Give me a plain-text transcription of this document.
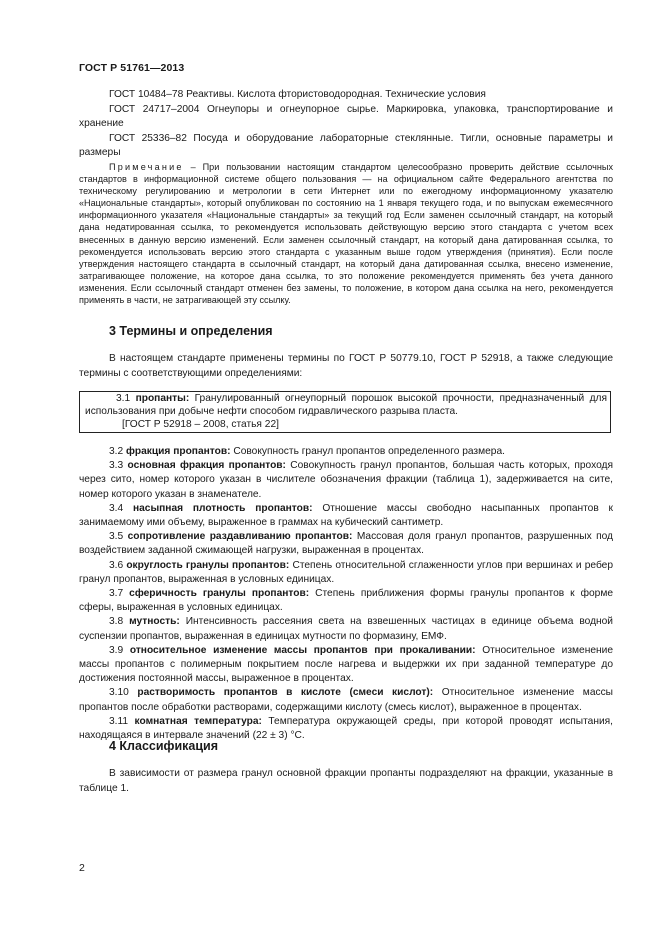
ГОСТ Р 51761—2013

ГОСТ 10484–78 Реактивы. Кислота фтористоводородная. Технические условия

ГОСТ 24717–2004 Огнеупоры и огнеупорное сырье. Маркировка, упаковка, транспортирование и хранение

ГОСТ 25336–82 Посуда и оборудование лабораторные стеклянные. Тигли, основные параметры и размеры

Примечание – При пользовании настоящим стандартом целесообразно проверить действие ссылочных стандартов в информационной системе общего пользования — на официальном сайте Федерального агентства по техническому регулированию и метрологии в сети Интернет или по ежегодному информационному указателю «Национальные стандарты», который опубликован по состоянию на 1 января текущего года, и по выпускам ежемесячного информационного указателя «Национальные стандарты» за текущий год Если заменен ссылочный стандарт, на который дана недатированная ссылка, то рекомендуется использовать действующую версию этого стандарта с учетом всех внесенных в данную версию изменений. Если заменен ссылочный стандарт, на который дана датированная ссылка, то рекомендуется использовать версию этого стандарта с указанным выше годом утверждения (принятия). Если после утверждения настоящего стандарта в ссылочный стандарт, на который дана датированная ссылка, внесено изменение, затрагивающее положение, на которое дана ссылка, то это положение рекомендуется применять без учета данного изменения. Если ссылочный стандарт отменен без замены, то положение, в котором дана ссылка на него, рекомендуется применять в части, не затрагивающей эту ссылку.

3 Термины и определения

В настоящем стандарте применены термины по ГОСТ Р 50779.10, ГОСТ Р 52918, а также следующие термины с соответствующими определениями:

3.1 пропанты: Гранулированный огнеупорный порошок высокой прочности, предназначенный для использования при добыче нефти способом гидравлического разрыва пласта.

[ГОСТ Р 52918 – 2008, статья 22]

3.2 фракция пропантов: Совокупность гранул пропантов определенного размера.

3.3 основная фракция пропантов: Совокупность гранул пропантов, большая часть которых, проходя через сито, номер которого указан в числителе обозначения фракции (таблица 1), задерживается на сите, номер которого указан в знаменателе.

3.4 насыпная плотность пропантов: Отношение массы свободно насыпанных пропантов к занимаемому ими объему, выраженное в граммах на кубический сантиметр.

3.5 сопротивление раздавливанию пропантов: Массовая доля гранул пропантов, разрушенных под воздействием заданной сжимающей нагрузки, выраженная в процентах.

3.6 округлость гранулы пропантов: Степень относительной сглаженности углов при вершинах и ребер гранул пропантов, выраженная в условных единицах.

3.7 сферичность гранулы пропантов: Степень приближения формы гранулы пропантов к форме сферы, выраженная в условных единицах.

3.8 мутность: Интенсивность рассеяния света на взвешенных частицах в единице объема водной суспензии пропантов, выраженная в единицах мутности по формазину, ЕМФ.

3.9 относительное изменение массы пропантов при прокаливании: Относительное изменение массы пропантов с полимерным покрытием после нагрева и выдержки их при заданной температуре до достижения постоянной массы, выраженное в процентах.

3.10 растворимость пропантов в кислоте (смеси кислот): Относительное изменение массы пропантов после обработки растворами, содержащими кислоту (смесь кислот), выраженное в процентах.

3.11 комнатная температура: Температура окружающей среды, при которой проводят испытания, находящаяся в интервале значений (22 ± 3) °С.

4 Классификация

В зависимости от размера гранул основной фракции пропанты подразделяют на фракции, указанные в таблице 1.

2
